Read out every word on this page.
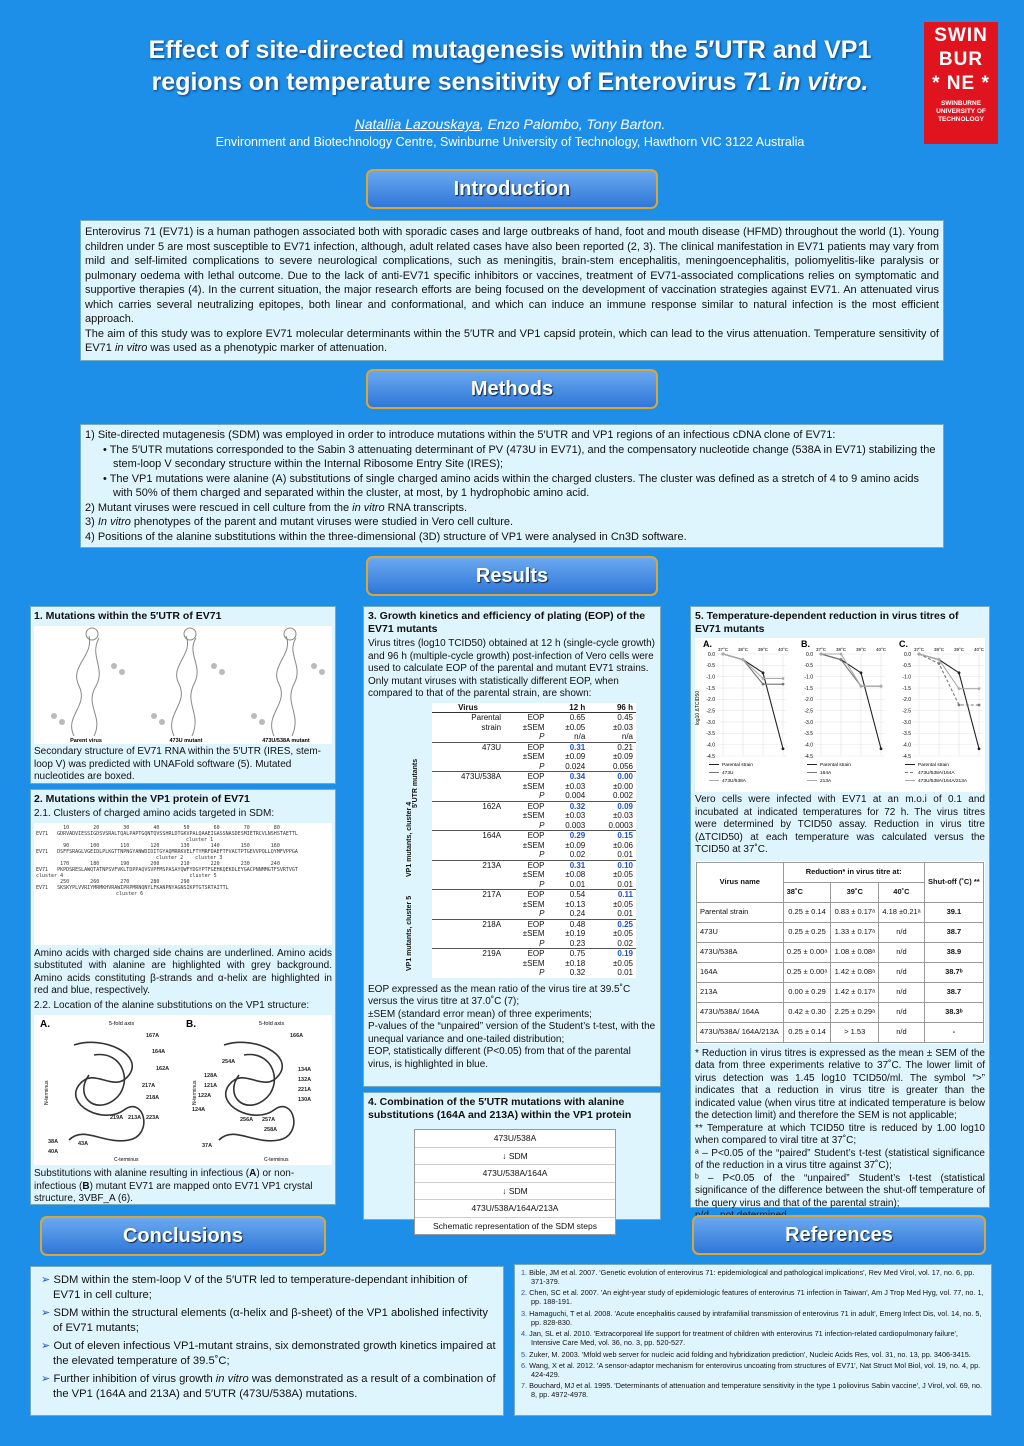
Effect of site-directed mutagenesis within the 5′UTR and VP1
regions on temperature sensitivity of Enterovirus 71 in vitro.
Natallia Lazouskaya, Enzo Palombo, Tony Barton.
Environment and Biotechnology Centre, Swinburne University of Technology, Hawthorn VIC 3122 Australia
SWIN
BUR
* NE *
SWINBURNE
UNIVERSITY OF
TECHNOLOGY
Introduction

Enterovirus 71 (EV71) is a human pathogen associated both with sporadic cases and large outbreaks of hand, foot and mouth disease (HFMD) throughout the world (1). Young children under 5 are most susceptible to EV71 infection, although, adult related cases have also been reported (2, 3). The clinical manifestation in EV71 patients may vary from mild and self-limited complications to severe neurological complications, such as meningitis, brain-stem encephalitis, meningoencephalitis, poliomyelitis-like paralysis or pulmonary oedema with lethal outcome. Due to the lack of anti-EV71 specific inhibitors or vaccines, treatment of EV71-associated complications relies on symptomatic and supportive therapies (4). In the current situation, the major research efforts are being focused on the development of vaccination strategies against EV71. An attenuated virus which carries several neutralizing epitopes, both linear and conformational, and which can induce an immune response similar to natural infection is the most efficient approach.

The aim of this study was to explore EV71 molecular determinants within the 5′UTR and VP1 capsid protein, which can lead to the virus attenuation. Temperature sensitivity of EV71 in vitro was used as a phenotypic marker of attenuation.

Methods
1) Site-directed mutagenesis (SDM) was employed in order to introduce mutations within the 5′UTR and VP1 regions of an infectious cDNA clone of EV71:
• The 5′UTR mutations corresponded to the Sabin 3 attenuating determinant of PV (473U in EV71), and the compensatory nucleotide change (538A in EV71) stabilizing the stem-loop V secondary structure within the Internal Ribosome Entry Site (IRES);
• The VP1 mutations were alanine (A) substitutions of single charged amino acids within the charged clusters. The cluster was defined as a stretch of 4 to 9 amino acids with 50% of them charged and separated within the cluster, at most, by 1 hydrophobic amino acid.
2) Mutant viruses were rescued in cell culture from the in vitro RNA transcripts.
3) In vitro phenotypes of the parent and mutant viruses were studied in Vero cell culture.
4) Positions of the alanine substitutions within the three-dimensional (3D) structure of VP1 were analysed in Cn3D software.
Results
1. Mutations within the 5′UTR of EV71
Parent virus	473U mutant	473U/538A mutant
Secondary structure of EV71 RNA within the 5′UTR (IRES, stem-loop V) was predicted with UNAFold software (5). Mutated nucleotides are boxed.
2. Mutations within the VP1 protein of EV71
2.1. Clusters of charged amino acids targeted in SDM:
10        20        30        40        50        60        70        80
EV71   GDRVADVIESSIGDSVSRALTQALPAPTGQNTQVSSHRLDTGKVPALQAAEIGASSNASDESMIETRCVLNSHSTAETTL
cluster 1
90       100       110       120       130       140       150       160
EV71   DSFFSRAGLVGEIDLPLKGTTNPNGYANWDIDITGYAQMRRKVELFTYMRFDAEFTFVACTPTGEVVPQLLQYMFVPPGA
cluster 2 cluster 3
170       180       190       200       210       220       230       240
EV71   PKPDSRESLAWQTATNPSVFVKLTDPPAQVSVPFMSPASAYQWFYDGYPTFGEHKQEKDLEYGACPNNMMGTFSVRTVGT
cluster 4	cluster 5
250       260       270       280       290
EV71   SKSKYPLVVRIYMRMKHVRAWIPRPMRNQNYLFKANPNYAGNSIKPTGTSRTAITTL
cluster 6
Amino acids with charged side chains are underlined. Amino acids substituted with alanine are highlighted with grey background. Amino acids constituting β-strands and α-helix are highlighted in red and blue, respectively.
2.2. Location of the alanine substitutions on the VP1 structure:
A.	B.
5-fold axis	5-fold axis
N-terminus	N-terminus
C-terminus	C-terminus
167A
164A
162A
217A
218A
219A 213A 223A
38A
40A
43A
166A
134A
132A
221A
130A
254A
128A
121A
122A
124A
256A 257A
258A
37A
Substitutions with alanine resulting in infectious (A) or non-infectious (B) mutant EV71 are mapped onto EV71 VP1 crystal structure, 3VBF_A (6).
3. Growth kinetics and efficiency of plating (EOP) of the EV71 mutants
Virus titres (log10 TCID50) obtained at 12 h (single-cycle growth) and 96 h (multiple-cycle growth) post-infection of Vero cells were used to calculate EOP of the parental and mutant EV71 strains. Only mutant viruses with statistically different EOP, when compared to that of the parental strain, are shown:
Virus		12 h	96 h
Parental	EOP	0.65	0.45
strain	±SEM	±0.05	±0.03
	P	n/a	n/a
473U	EOP	0.31	0.21
	±SEM	±0.09	±0.09
	P	0.024	0.056
473U/538A	EOP	0.34	0.00
	±SEM	±0.03	±0.00
	P	0.004	0.002
162A	EOP	0.32	0.09
	±SEM	±0.03	±0.03
	P	0.003	0.0003
164A	EOP	0.29	0.15
	±SEM	±0.09	±0.06
	P	0.02	0.01
213A	EOP	0.31	0.10
	±SEM	±0.08	±0.05
	P	0.01	0.01
217A	EOP	0.54	0.11
	±SEM	±0.13	±0.05
	P	0.24	0.01
218A	EOP	0.48	0.25
	±SEM	±0.19	±0.05
	P	0.23	0.02
219A	EOP	0.75	0.19
	±SEM	±0.18	±0.05
	P	0.32	0.01
5′UTR mutants
VP1 mutants, cluster 4
VP1 mutants, cluster 5
EOP expressed as the mean ratio of the virus tire at 39.5˚C versus the virus titre at 37.0˚C (7);
±SEM (standard error mean) of three experiments;
P-values of the “unpaired” version of the Student’s t-test, with the unequal variance and one-tailed distribution;
EOP, statistically different (P<0.05) from that of the parental virus, is highlighted in blue.
4. Combination of the 5′UTR mutations with alanine substitutions (164A and 213A) within the VP1 protein
473U/538A
↓ SDM
473U/538A/164A
↓ SDM
473U/538A/164A/213A
Schematic representation of the SDM steps
5. Temperature-dependent reduction in virus titres of EV71 mutants
A.
log10 ΔTCID50
0.0
-0.5
-1.0
-1.5
-2.0
-2.5
-3.0
-3.5
-4.0
-4.5
37°C 38°C 39°C 40°C
Parental strain
473U
473U/538A
B.
0.0
-0.5
-1.0
-1.5
-2.0
-2.5
-3.0
-3.5
-4.0
-4.5
37°C 38°C 39°C 40°C
Parental strain
164A
213A
C.
0.0
-0.5
-1.0
-1.5
-2.0
-2.5
-3.0
-3.5
-4.0
-4.5
37°C 38°C 39°C 40°C
Parental strain
473U/538A/164A
473U/538A/164A/213A
Vero cells were infected with EV71 at an m.o.i of 0.1 and incubated at indicated temperatures for 72 h. The virus titres were determined by TCID50 assay. Reduction in virus titre (ΔTCID50) at each temperature was calculated versus the TCID50 at 37˚C.
Virus name	Reduction* in virus titre at:			Shut-off (˚C) **
	38˚C	39˚C	40˚C	
Parental strain	0.25 ± 0.14	0.83 ± 0.17ᵃ	4.18 ±0.21ᵃ	39.1
473U	0.25 ± 0.25	1.33 ± 0.17ᵃ	n/d	38.7
473U/538A	0.25 ± 0.00ᵃ	1.08 ± 0.08ᵃ	n/d	38.9
164A	0.25 ± 0.00ᵃ	1.42 ± 0.08ᵃ	n/d	38.7ᵇ
213A	0.00 ± 0.29	1.42 ± 0.17ᵃ	n/d	38.7
473U/538A/ 164A	0.42 ± 0.30	2.25 ± 0.29ᵃ	n/d	38.3ᵇ
473U/538A/ 164A/213A	0.25 ± 0.14	> 1.53	n/d	-
* Reduction in virus titres is expressed as the mean ± SEM of the data from three experiments relative to 37˚C. The lower limit of virus detection was 1.45 log10 TCID50/ml. The symbol “>” indicates that a reduction in virus titre is greater than the indicated value (when virus titre at indicated temperature is below the detection limit) and therefore the SEM is not applicable;
** Temperature at which TCID50 titre is reduced by 1.00 log10 when compared to viral titre at 37˚C;
ᵃ – P<0.05 of the “paired” Student’s t-test (statistical significance of the reduction in a virus titre against 37˚C);
ᵇ – P<0.05 of the “unpaired” Student’s t-test (statistical significance of the difference between the shut-off temperature of the query virus and that of the parental strain);
Conclusions
➢ SDM within the stem-loop V of the 5′UTR led to temperature-dependant inhibition of EV71 in cell culture;
➢ SDM within the structural elements (α-helix and β-sheet) of the VP1 abolished infectivity of EV71 mutants;
➢ Out of eleven infectious VP1-mutant strains, six demonstrated growth kinetics impaired at the elevated temperature of 39.5˚C;
➢ Further inhibition of virus growth in vitro was demonstrated as a result of a combination of the VP1 (164A and 213A) and 5′UTR (473U/538A) mutations.
References
1. Bible, JM et al. 2007. 'Genetic evolution of enterovirus 71: epidemiological and pathological implications', Rev Med Virol, vol. 17, no. 6, pp. 371-379.
2. Chen, SC et al. 2007. 'An eight-year study of epidemiologic features of enterovirus 71 infection in Taiwan', Am J Trop Med Hyg, vol. 77, no. 1, pp. 188-191.
3. Hamaguchi, T et al. 2008. 'Acute encephalitis caused by intrafamilial transmission of enterovirus 71 in adult', Emerg Infect Dis, vol. 14, no. 5, pp. 828-830.
4. Jan, SL et al. 2010. 'Extracorporeal life support for treatment of children with enterovirus 71 infection-related cardiopulmonary failure', Intensive Care Med, vol. 36, no. 3, pp. 520-527.
5. Zuker, M. 2003. 'Mfold web server for nucleic acid folding and hybridization prediction', Nucleic Acids Res, vol. 31, no. 13, pp. 3406-3415.
6. Wang, X et al. 2012. 'A sensor-adaptor mechanism for enterovirus uncoating from structures of EV71', Nat Struct Mol Biol, vol. 19, no. 4, pp. 424-429.
7. Bouchard, MJ et al. 1995. 'Determinants of attenuation and temperature sensitivity in the type 1 poliovirus Sabin vaccine', J Virol, vol. 69, no. 8, pp. 4972-4978.
